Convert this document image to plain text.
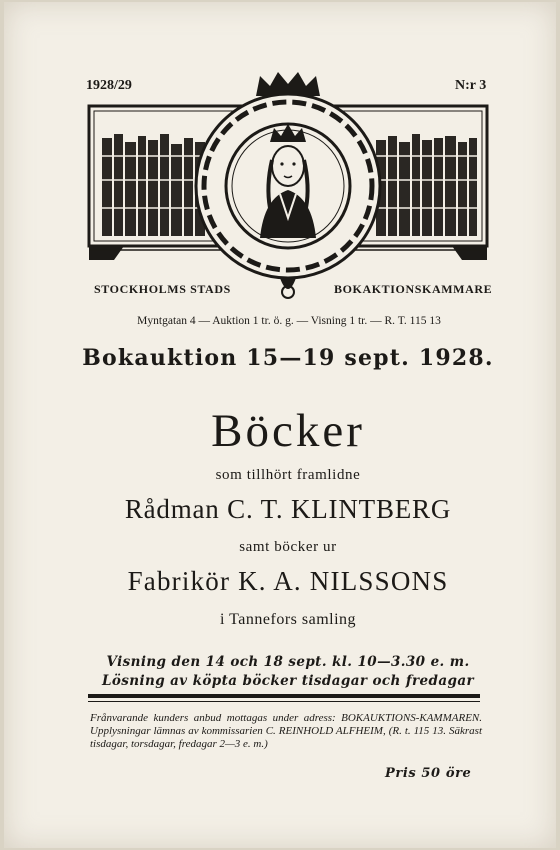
1928/29	N:r 3
STOCKHOLMS STADS	BOKAKTIONSKAMMARE
Myntgatan 4 — Auktion 1 tr. ö. g. — Visning 1 tr. — R. T. 115 13
Bokauktion 15—19 sept. 1928.
Böcker
som tillhört framlidne
Rådman C. T. KLINTBERG
samt böcker ur
Fabrikör K. A. NILSSONS
i Tannefors samling
Visning den 14 och 18 sept. kl. 10—3.30 e. m.
Lösning av köpta böcker tisdagar och fredagar
Frånvarande kunders anbud mottagas under adress: BOKAUKTIONS-KAMMAREN. Upplysningar lämnas av kommissarien C. REINHOLD ALFHEIM, (R. t. 115 13. Säkrast tisdagar, torsdagar, fredagar 2—3 e. m.)
Pris 50 öre
